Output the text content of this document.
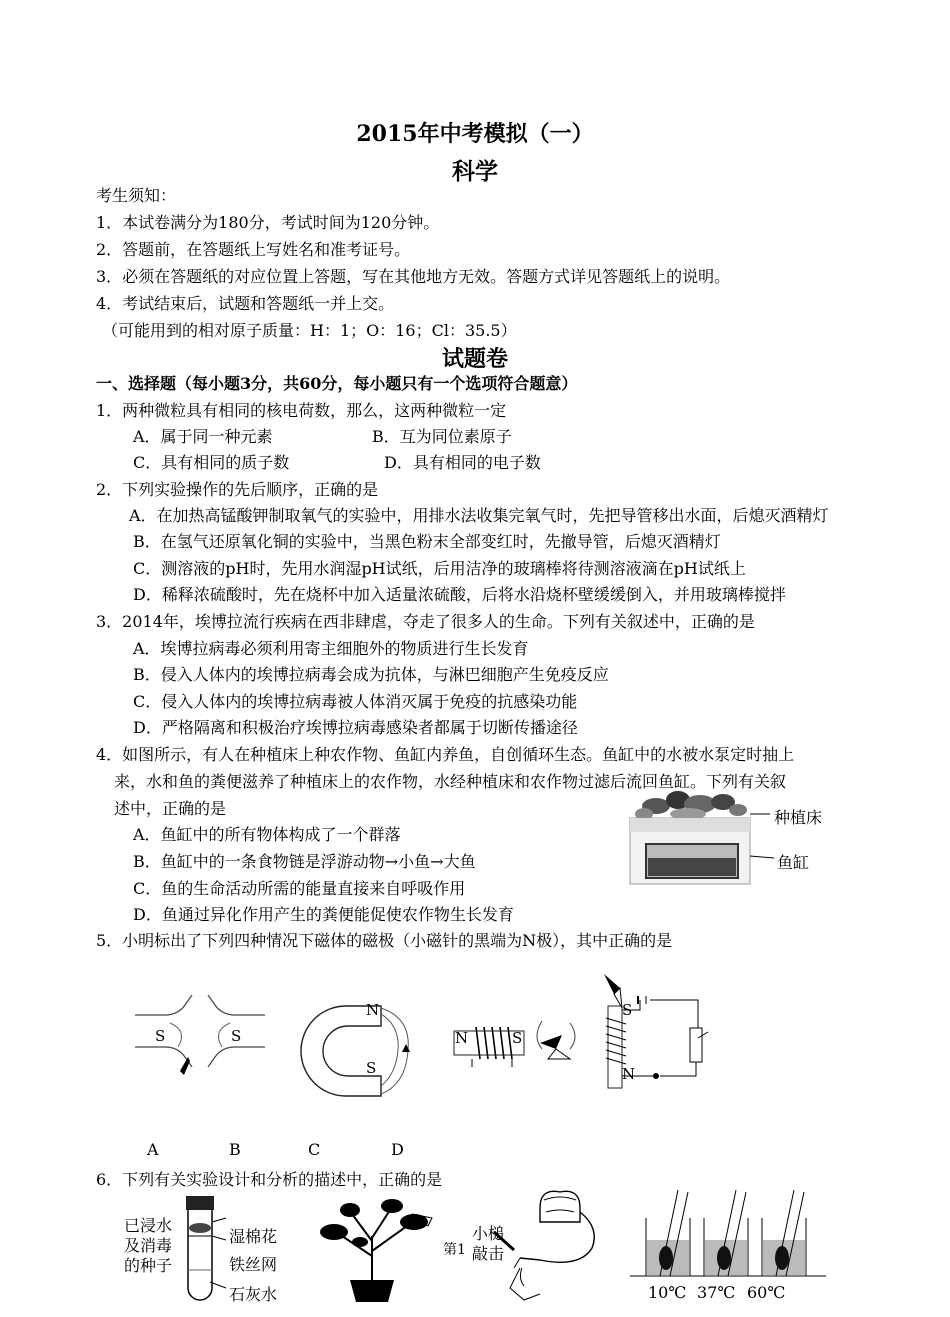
2015年中考模拟（一）
科学
考生须知：
1．本试卷满分为180分，考试时间为120分钟。
2．答题前，在答题纸上写姓名和准考证号。
3．必须在答题纸的对应位置上答题，写在其他地方无效。答题方式详见答题纸上的说明。
4．考试结束后，试题和答题纸一并上交。
（可能用到的相对原子质量：H：1；O：16；Cl：35.5）
试题卷
一、选择题（每小题3分，共60分，每小题只有一个选项符合题意）
1．两种微粒具有相同的核电荷数，那么，这两种微粒一定
A．属于同一种元素	B．互为同位素原子
C．具有相同的质子数	D．具有相同的电子数
2．下列实验操作的先后顺序，正确的是
A．在加热高锰酸钾制取氧气的实验中，用排水法收集完氧气时，先把导管移出水面，后熄灭酒精灯
B．在氢气还原氧化铜的实验中，当黑色粉末全部变红时，先撤导管，后熄灭酒精灯
C．测溶液的pH时，先用水润湿pH试纸，后用洁净的玻璃棒将待测溶液滴在pH试纸上
D．稀释浓硫酸时，先在烧杯中加入适量浓硫酸，后将水沿烧杯壁缓缓倒入，并用玻璃棒搅拌
3．2014年，埃博拉流行疾病在西非肆虐，夺走了很多人的生命。下列有关叙述中，正确的是
A．埃博拉病毒必须利用寄主细胞外的物质进行生长发育
B．侵入人体内的埃博拉病毒会成为抗体，与淋巴细胞产生免疫反应
C．侵入人体内的埃博拉病毒被人体消灭属于免疫的抗感染功能
D．严格隔离和积极治疗埃博拉病毒感染者都属于切断传播途径
4．如图所示，有人在种植床上种农作物、鱼缸内养鱼，自创循环生态。鱼缸中的水被水泵定时抽上
来，水和鱼的粪便滋养了种植床上的农作物，水经种植床和农作物过滤后流回鱼缸。下列有关叙
述中，正确的是
A．鱼缸中的所有物体构成了一个群落
B．鱼缸中的一条食物链是浮游动物→小鱼→大鱼
C．鱼的生命活动所需的能量直接来自呼吸作用
D．鱼通过异化作用产生的粪便能促使农作物生长发育
种植床
鱼缸
5．小明标出了下列四种情况下磁体的磁极（小磁针的黑端为N极），其中正确的是
S	S
N
S
N	S
S
N
A	B	C	D
6．下列有关实验设计和分析的描述中，正确的是
已浸水
及消毒
的种子
湿棉花
铁丝网
石灰水
小槌
敲击
第1
10℃ 37℃ 60℃
